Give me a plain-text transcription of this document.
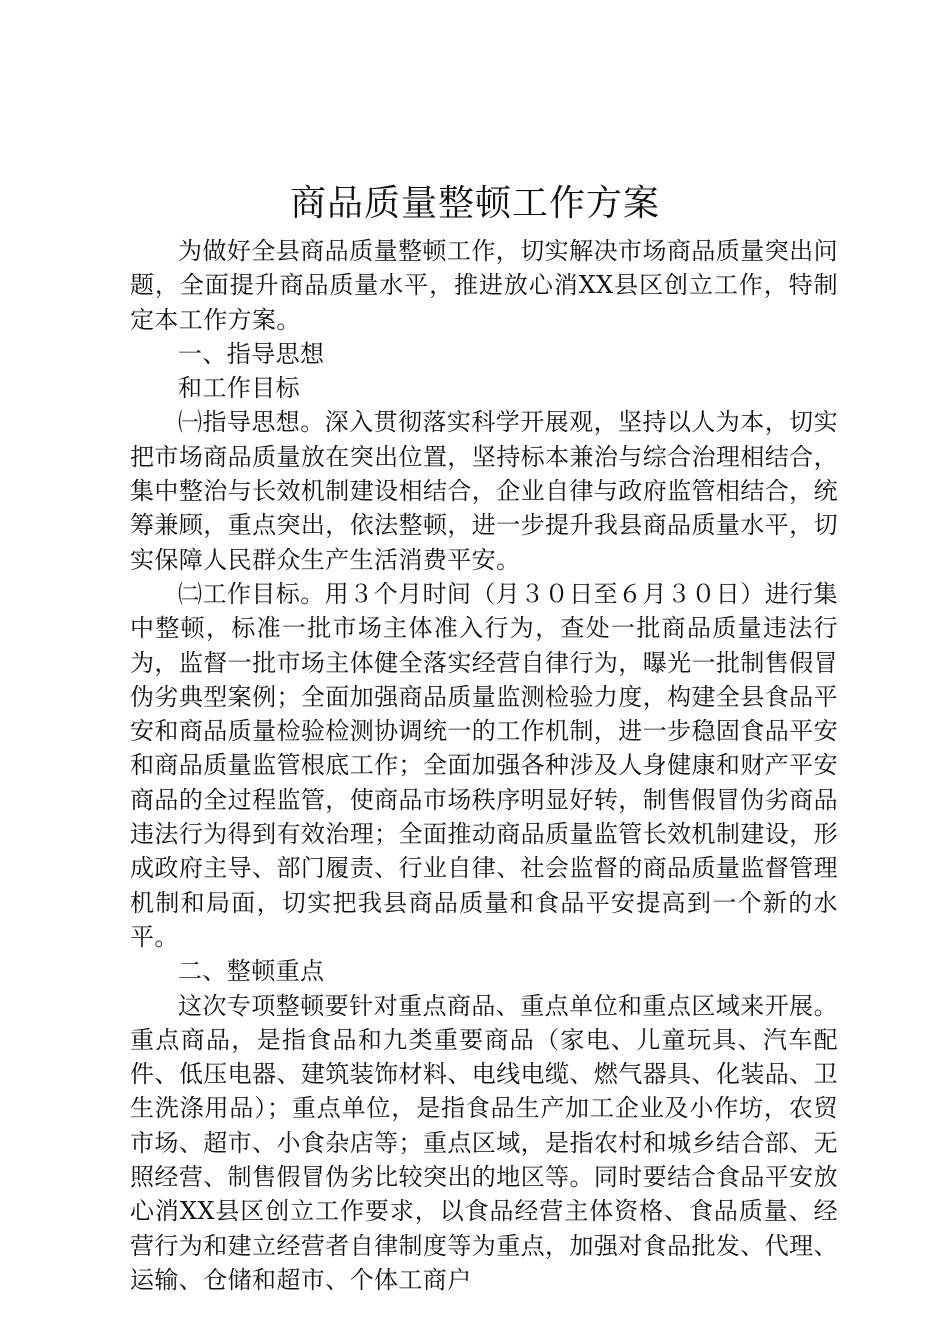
商品质量整顿工作方案

为做好全县商品质量整顿工作，切实解决市场商品质量突出问题，全面提升商品质量水平，推进放心消XX县区创立工作，特制定本工作方案。

一、指导思想

和工作目标

㈠指导思想。深入贯彻落实科学开展观，坚持以人为本，切实把市场商品质量放在突出位置，坚持标本兼治与综合治理相结合，集中整治与长效机制建设相结合，企业自律与政府监管相结合，统筹兼顾，重点突出，依法整顿，进一步提升我县商品质量水平，切实保障人民群众生产生活消费平安。

㈡工作目标。用３个月时间（月３０日至６月３０日）进行集中整顿，标准一批市场主体准入行为，查处一批商品质量违法行为，监督一批市场主体健全落实经营自律行为，曝光一批制售假冒伪劣典型案例；全面加强商品质量监测检验力度，构建全县食品平安和商品质量检验检测协调统一的工作机制，进一步稳固食品平安和商品质量监管根底工作；全面加强各种涉及人身健康和财产平安商品的全过程监管，使商品市场秩序明显好转，制售假冒伪劣商品违法行为得到有效治理；全面推动商品质量监管长效机制建设，形成政府主导、部门履责、行业自律、社会监督的商品质量监督管理机制和局面，切实把我县商品质量和食品平安提高到一个新的水平。

二、整顿重点

这次专项整顿要针对重点商品、重点单位和重点区域来开展。重点商品，是指食品和九类重要商品（家电、儿童玩具、汽车配件、低压电器、建筑装饰材料、电线电缆、燃气器具、化装品、卫生洗涤用品）；重点单位，是指食品生产加工企业及小作坊，农贸市场、超市、小食杂店等；重点区域，是指农村和城乡结合部、无照经营、制售假冒伪劣比较突出的地区等。同时要结合食品平安放心消XX县区创立工作要求，以食品经营主体资格、食品质量、经营行为和建立经营者自律制度等为重点，加强对食品批发、代理、运输、仓储和超市、个体工商户
